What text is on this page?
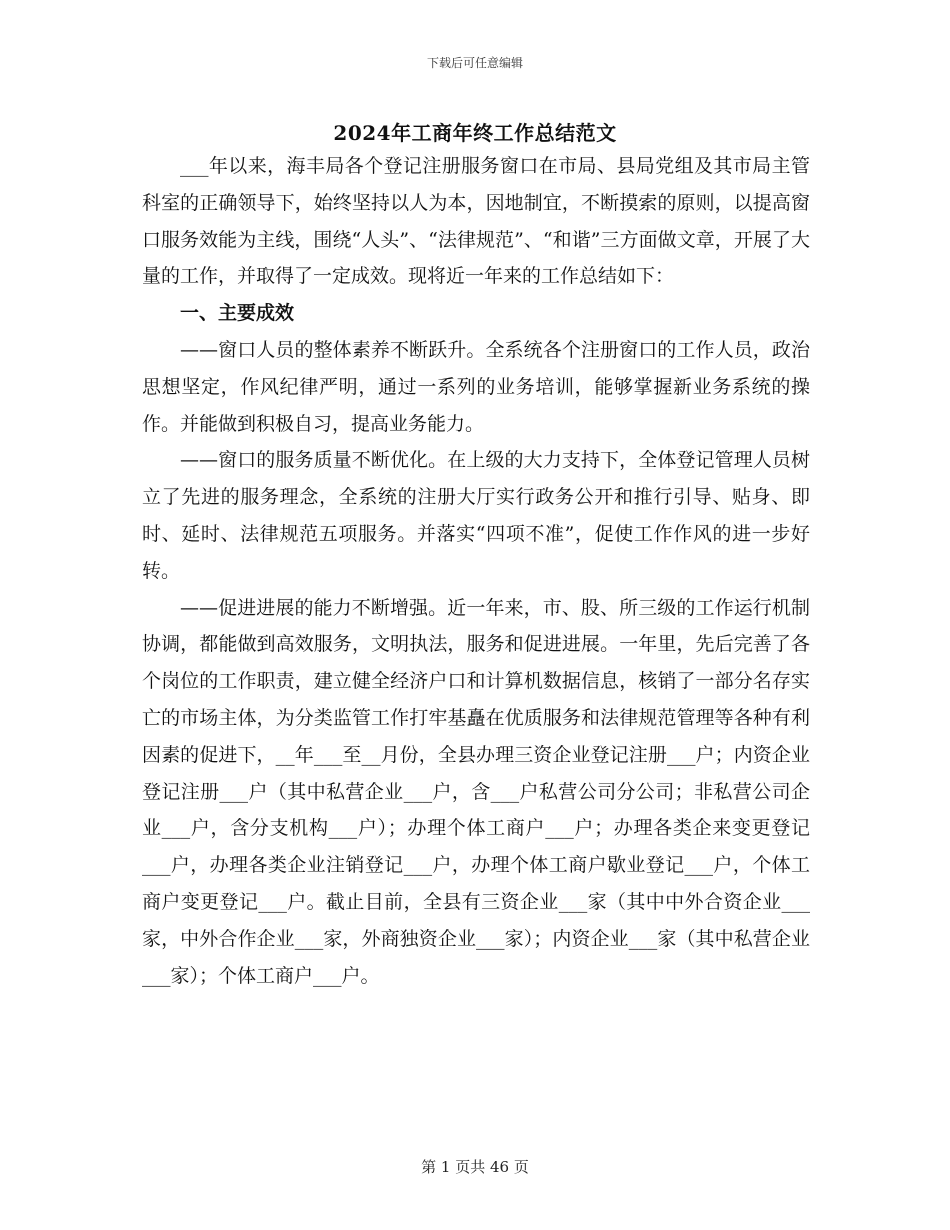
下载后可任意编辑
2024年工商年终工作总结范文

___年以来，海丰局各个登记注册服务窗口在市局、县局党组及其市局主管科室的正确领导下，始终坚持以人为本，因地制宜，不断摸索的原则，以提高窗口服务效能为主线，围绕“人头”、“法律规范”、“和谐”三方面做文章，开展了大量的工作，并取得了一定成效。现将近一年来的工作总结如下：

一、主要成效

——窗口人员的整体素养不断跃升。全系统各个注册窗口的工作人员，政治思想坚定，作风纪律严明，通过一系列的业务培训，能够掌握新业务系统的操作。并能做到积极自习，提高业务能力。

——窗口的服务质量不断优化。在上级的大力支持下，全体登记管理人员树立了先进的服务理念，全系统的注册大厅实行政务公开和推行引导、贴身、即时、延时、法律规范五项服务。并落实“四项不准”，促使工作作风的进一步好转。

——促进进展的能力不断增强。近一年来，市、股、所三级的工作运行机制协调，都能做到高效服务，文明执法，服务和促进进展。一年里，先后完善了各个岗位的工作职责，建立健全经济户口和计算机数据信息，核销了一部分名存实亡的市场主体，为分类监管工作打牢基矗在优质服务和法律规范管理等各种有利因素的促进下，__年___至__月份，全县办理三资企业登记注册___户；内资企业登记注册___户（其中私营企业___户，含___户私营公司分公司；非私营公司企业___户，含分支机构___户）；办理个体工商户___户；办理各类企来变更登记___户，办理各类企业注销登记___户，办理个体工商户歇业登记___户，个体工商户变更登记___户。截止目前，全县有三资企业___家（其中中外合资企业___家，中外合作企业___家，外商独资企业___家）；内资企业___家（其中私营企业___家）；个体工商户___户。

第 1 页共 46 页
